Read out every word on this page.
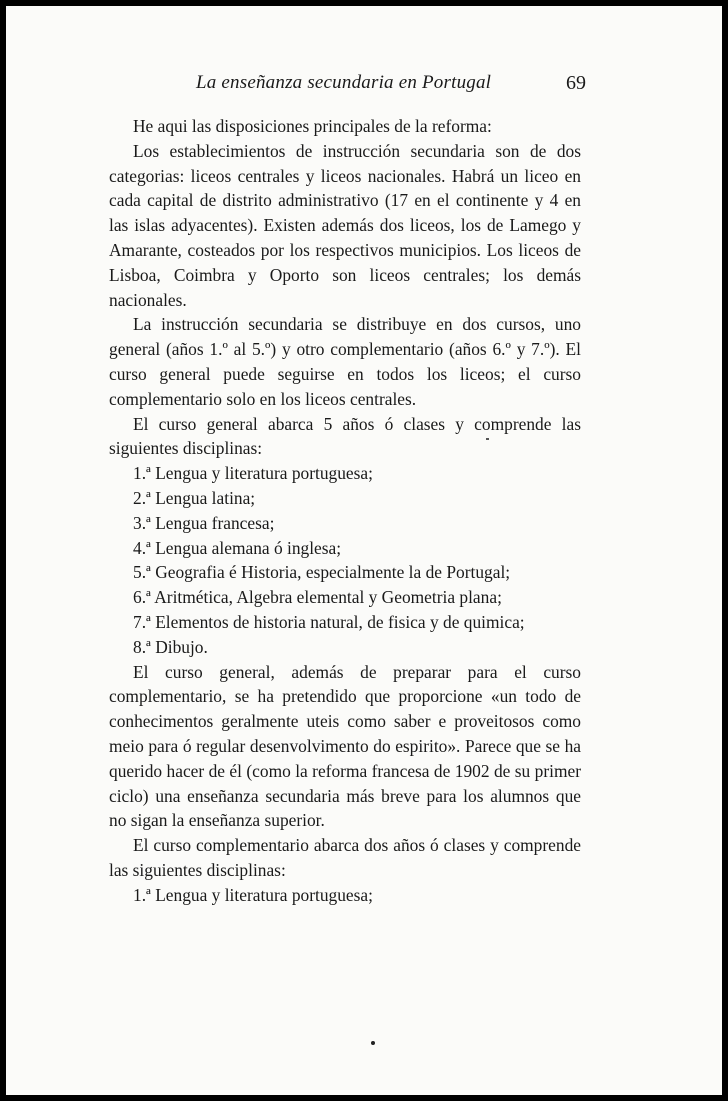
La enseñanza secundaria en Portugal	69

He aqui las disposiciones principales de la reforma:

Los establecimientos de instrucción secundaria son de dos categorias: liceos centrales y liceos nacionales. Habrá un liceo en cada capital de distrito administrativo (17 en el continente y 4 en las islas adyacentes). Existen además dos liceos, los de Lamego y Amarante, costeados por los respectivos municipios. Los liceos de Lisboa, Coimbra y Oporto son liceos centrales; los demás nacionales.

La instrucción secundaria se distribuye en dos cursos, uno general (años 1.º al 5.º) y otro complementario (años 6.º y 7.º). El curso general puede seguirse en todos los liceos; el curso complementario solo en los liceos centrales.

El curso general abarca 5 años ó clases y comprende las siguientes disciplinas:

1.ª Lengua y literatura portuguesa;

2.ª Lengua latina;

3.ª Lengua francesa;

4.ª Lengua alemana ó inglesa;

5.ª Geografia é Historia, especialmente la de Portugal;

6.ª Aritmética, Algebra elemental y Geometria plana;

7.ª Elementos de historia natural, de fisica y de quimica;

8.ª Dibujo.

El curso general, además de preparar para el curso complementario, se ha pretendido que proporcione «un todo de conhecimentos geralmente uteis como saber e proveitosos como meio para ó regular desenvolvimento do espirito». Parece que se ha querido hacer de él (como la reforma francesa de 1902 de su primer ciclo) una enseñanza secundaria más breve para los alumnos que no sigan la enseñanza superior.

El curso complementario abarca dos años ó clases y comprende las siguientes disciplinas:

1.ª Lengua y literatura portuguesa;
